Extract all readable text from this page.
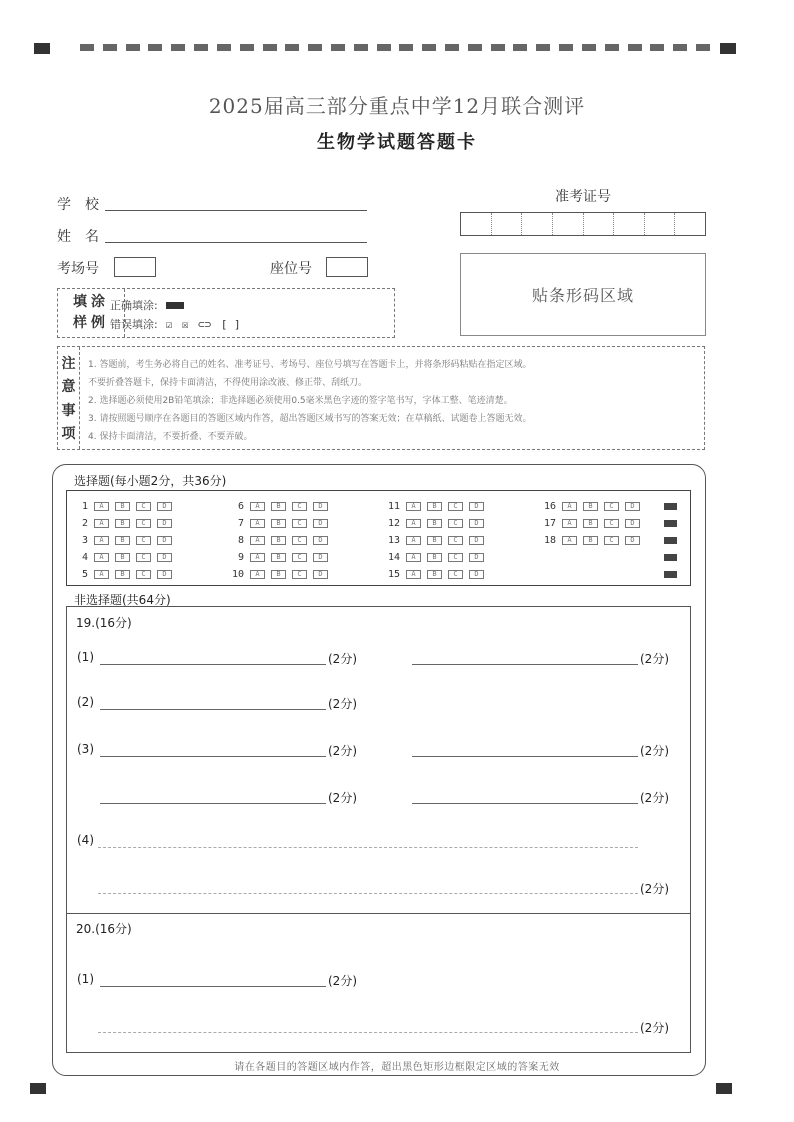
2025届高三部分重点中学12月联合测评
生物学试题答题卡
学　校
姓　名
考场号	座位号
准考证号
贴条形码区域
填涂
样例
正确填涂:
错误填涂: ☑ ☒ ⊂⊃ [ ]
注
意
事
项
1. 答题前，考生务必将自己的姓名、准考证号、考场号、座位号填写在答题卡上，并将条形码粘贴在指定区域。
不要折叠答题卡，保持卡面清洁，不得使用涂改液、修正带、刮纸刀。
2. 选择题必须使用2B铅笔填涂；非选择题必须使用0.5毫米黑色字迹的签字笔书写，字体工整、笔迹清楚。
3. 请按照题号顺序在各题目的答题区域内作答，超出答题区域书写的答案无效；在草稿纸、试题卷上答题无效。
4. 保持卡面清洁，不要折叠、不要弄破。
选择题(每小题2分，共36分)
1	A	B	C	D
2	A	B	C	D
3	A	B	C	D
4	A	B	C	D
5	A	B	C	D
6	A	B	C	D
7	A	B	C	D
8	A	B	C	D
9	A	B	C	D
10	A	B	C	D
11	A	B	C	D
12	A	B	C	D
13	A	B	C	D
14	A	B	C	D
15	A	B	C	D
16	A	B	C	D
17	A	B	C	D
18	A	B	C	D
非选择题(共64分)
19.(16分)
(1)	(2分)	(2分)
(2)	(2分)
(3)	(2分)	(2分)
(2分)	(2分)
(4)
(2分)
20.(16分)
(1)	(2分)
(2分)
请在各题目的答题区域内作答，超出黑色矩形边框限定区域的答案无效
